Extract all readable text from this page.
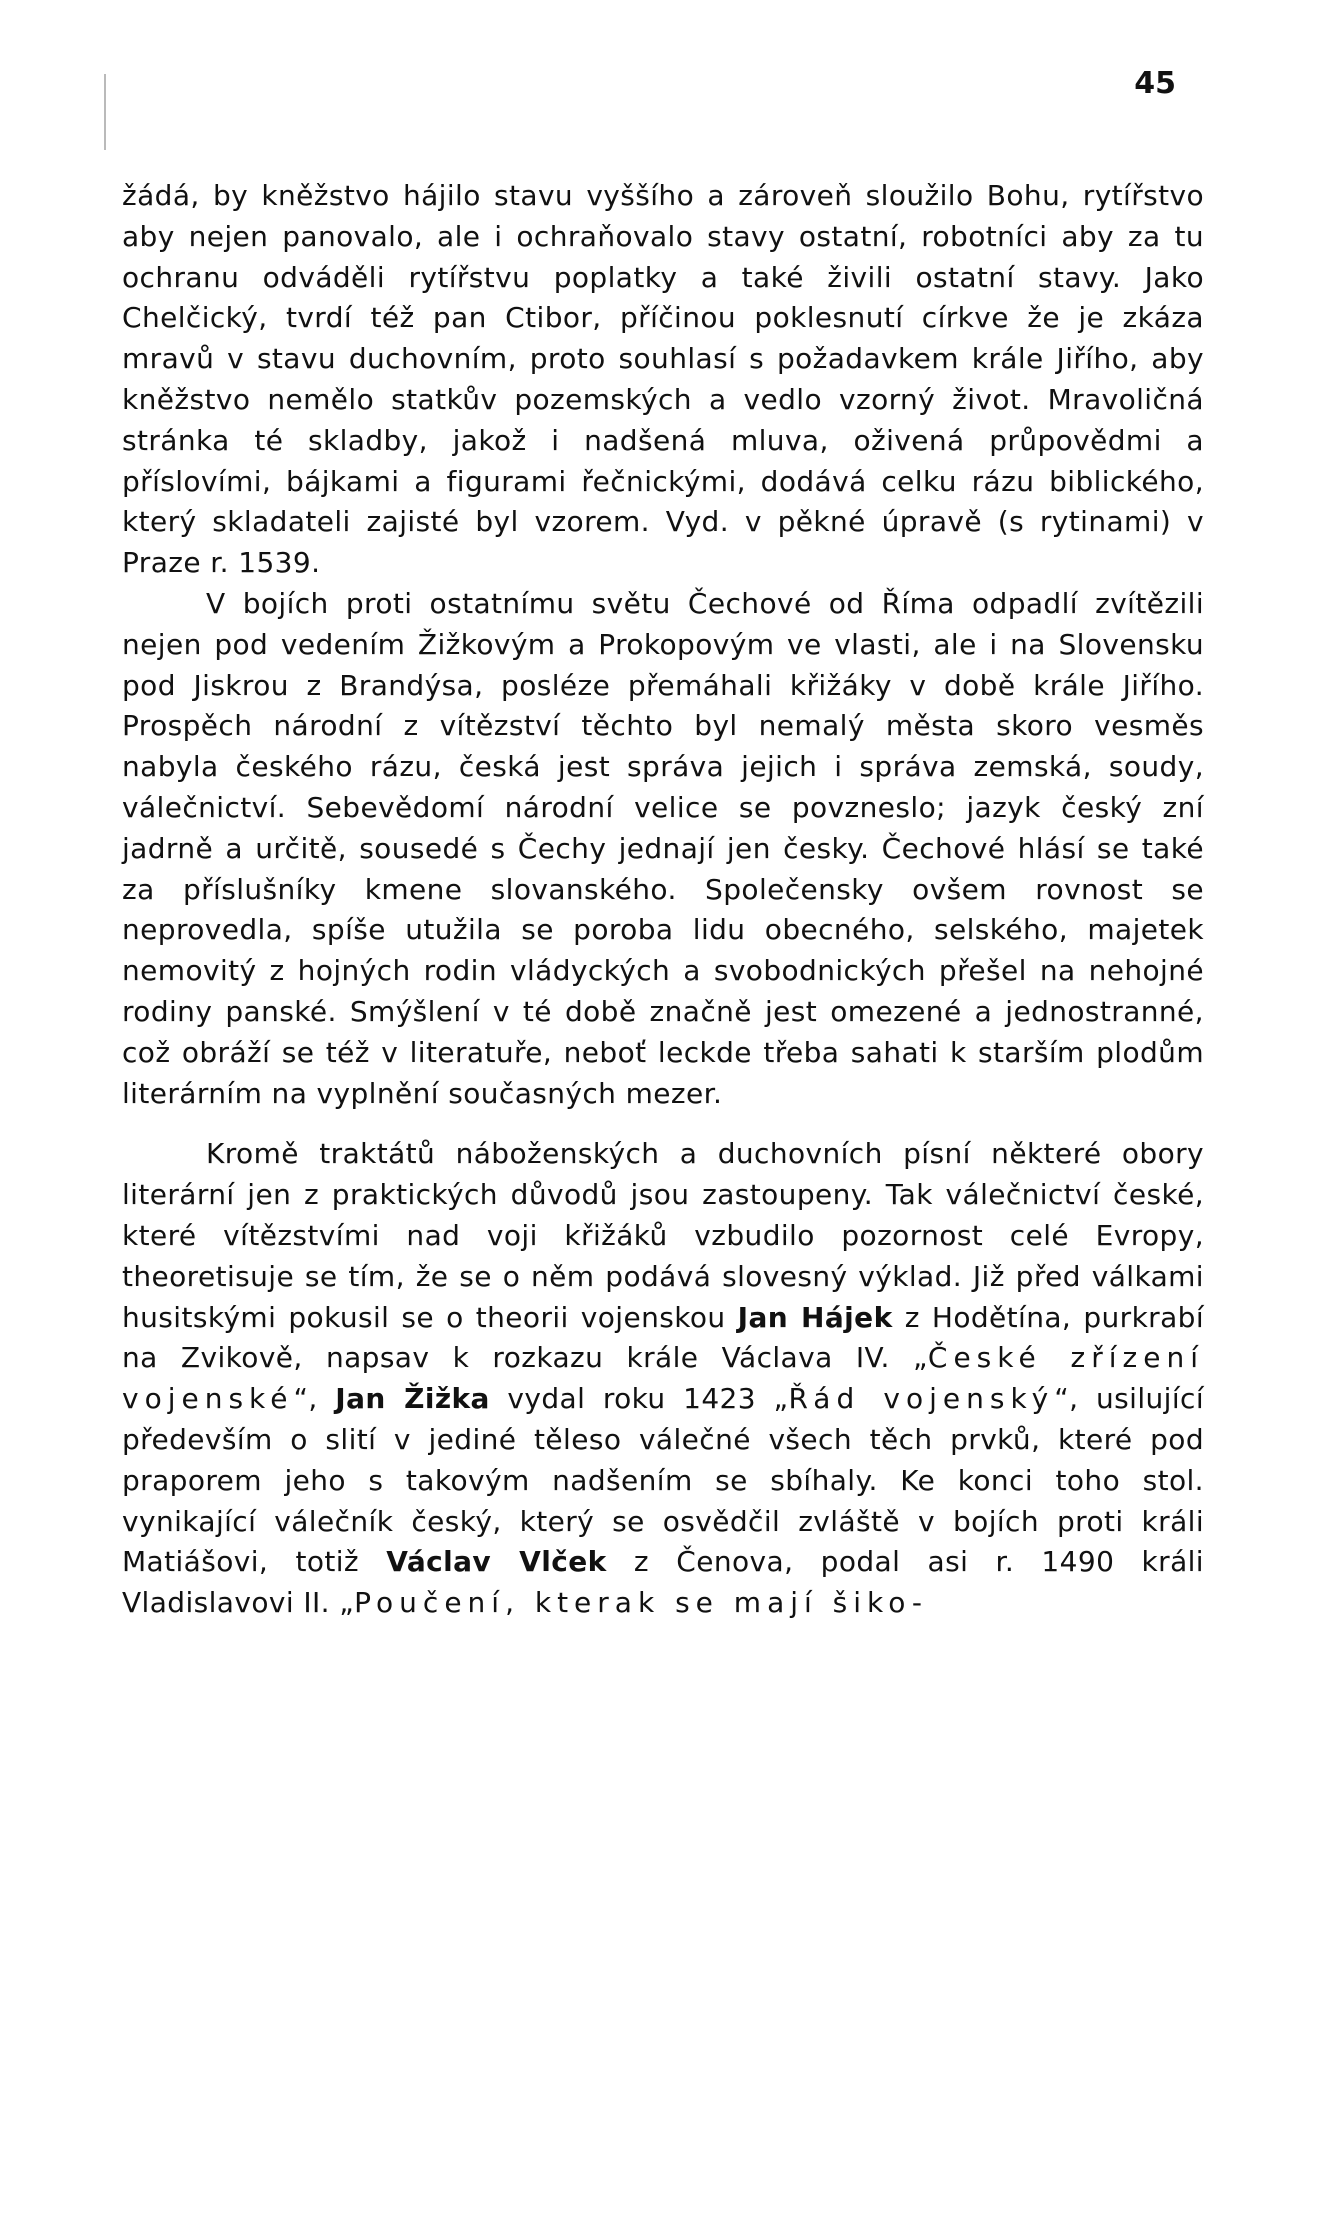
45

žádá, by kněžstvo hájilo stavu vyššího a zároveň sloužilo Bohu, rytířstvo aby nejen panovalo, ale i ochraňovalo stavy ostatní, robotníci aby za tu ochranu odváděli rytířstvu poplatky a také živili ostatní stavy. Jako Chelčický, tvrdí též pan Ctibor, příčinou poklesnutí církve že je zkáza mravů v stavu duchovním, proto souhlasí s požadavkem krále Jiřího, aby kněžstvo nemělo statkův pozemských a vedlo vzorný život. Mravoličná stránka té skladby, jakož i nadšená mluva, oživená průpovědmi a příslovími, bájkami a figurami řečnickými, dodává celku rázu biblického, který skladateli zajisté byl vzorem. Vyd. v pěkné úpravě (s rytinami) v Praze r. 1539.

V bojích proti ostatnímu světu Čechové od Říma odpadlí zvítězili nejen pod vedením Žižkovým a Prokopovým ve vlasti, ale i na Slovensku pod Jiskrou z Brandýsa, posléze přemáhali křižáky v době krále Jiřího. Prospěch národní z vítězství těchto byl nemalý města skoro vesměs nabyla českého rázu, česká jest správa jejich i správa zemská, soudy, válečnictví. Sebevědomí národní velice se povzneslo; jazyk český zní jadrně a určitě, sousedé s Čechy jednají jen česky. Čechové hlásí se také za příslušníky kmene slovanského. Společensky ovšem rovnost se neprovedla, spíše utužila se poroba lidu obecného, selského, majetek nemovitý z hojných rodin vládyckých a svobodnických přešel na nehojné rodiny panské. Smýšlení v té době značně jest omezené a jednostranné, což obráží se též v literatuře, neboť leckde třeba sahati k starším plodům literárním na vyplnění současných mezer.

Kromě traktátů náboženských a duchovních písní některé obory literární jen z praktických důvodů jsou zastoupeny. Tak válečnictví české, které vítězstvími nad voji křižáků vzbudilo pozornost celé Evropy, theoretisuje se tím, že se o něm podává slovesný výklad. Již před válkami husitskými pokusil se o theorii vojenskou Jan Hájek z Hodětína, purkrabí na Zvikově, napsav k rozkazu krále Václava IV. „České zřízení vojenské“, Jan Žižka vydal roku 1423 „Řád vojenský“, usilující především o slití v jediné těleso válečné všech těch prvků, které pod praporem jeho s takovým nadšením se sbíhaly. Ke konci toho stol. vynikající válečník český, který se osvědčil zvláště v bojích proti králi Matiášovi, totiž Václav Vlček z Čenova, podal asi r. 1490 králi Vladislavovi II. „Poučení, kterak se mají šiko-
